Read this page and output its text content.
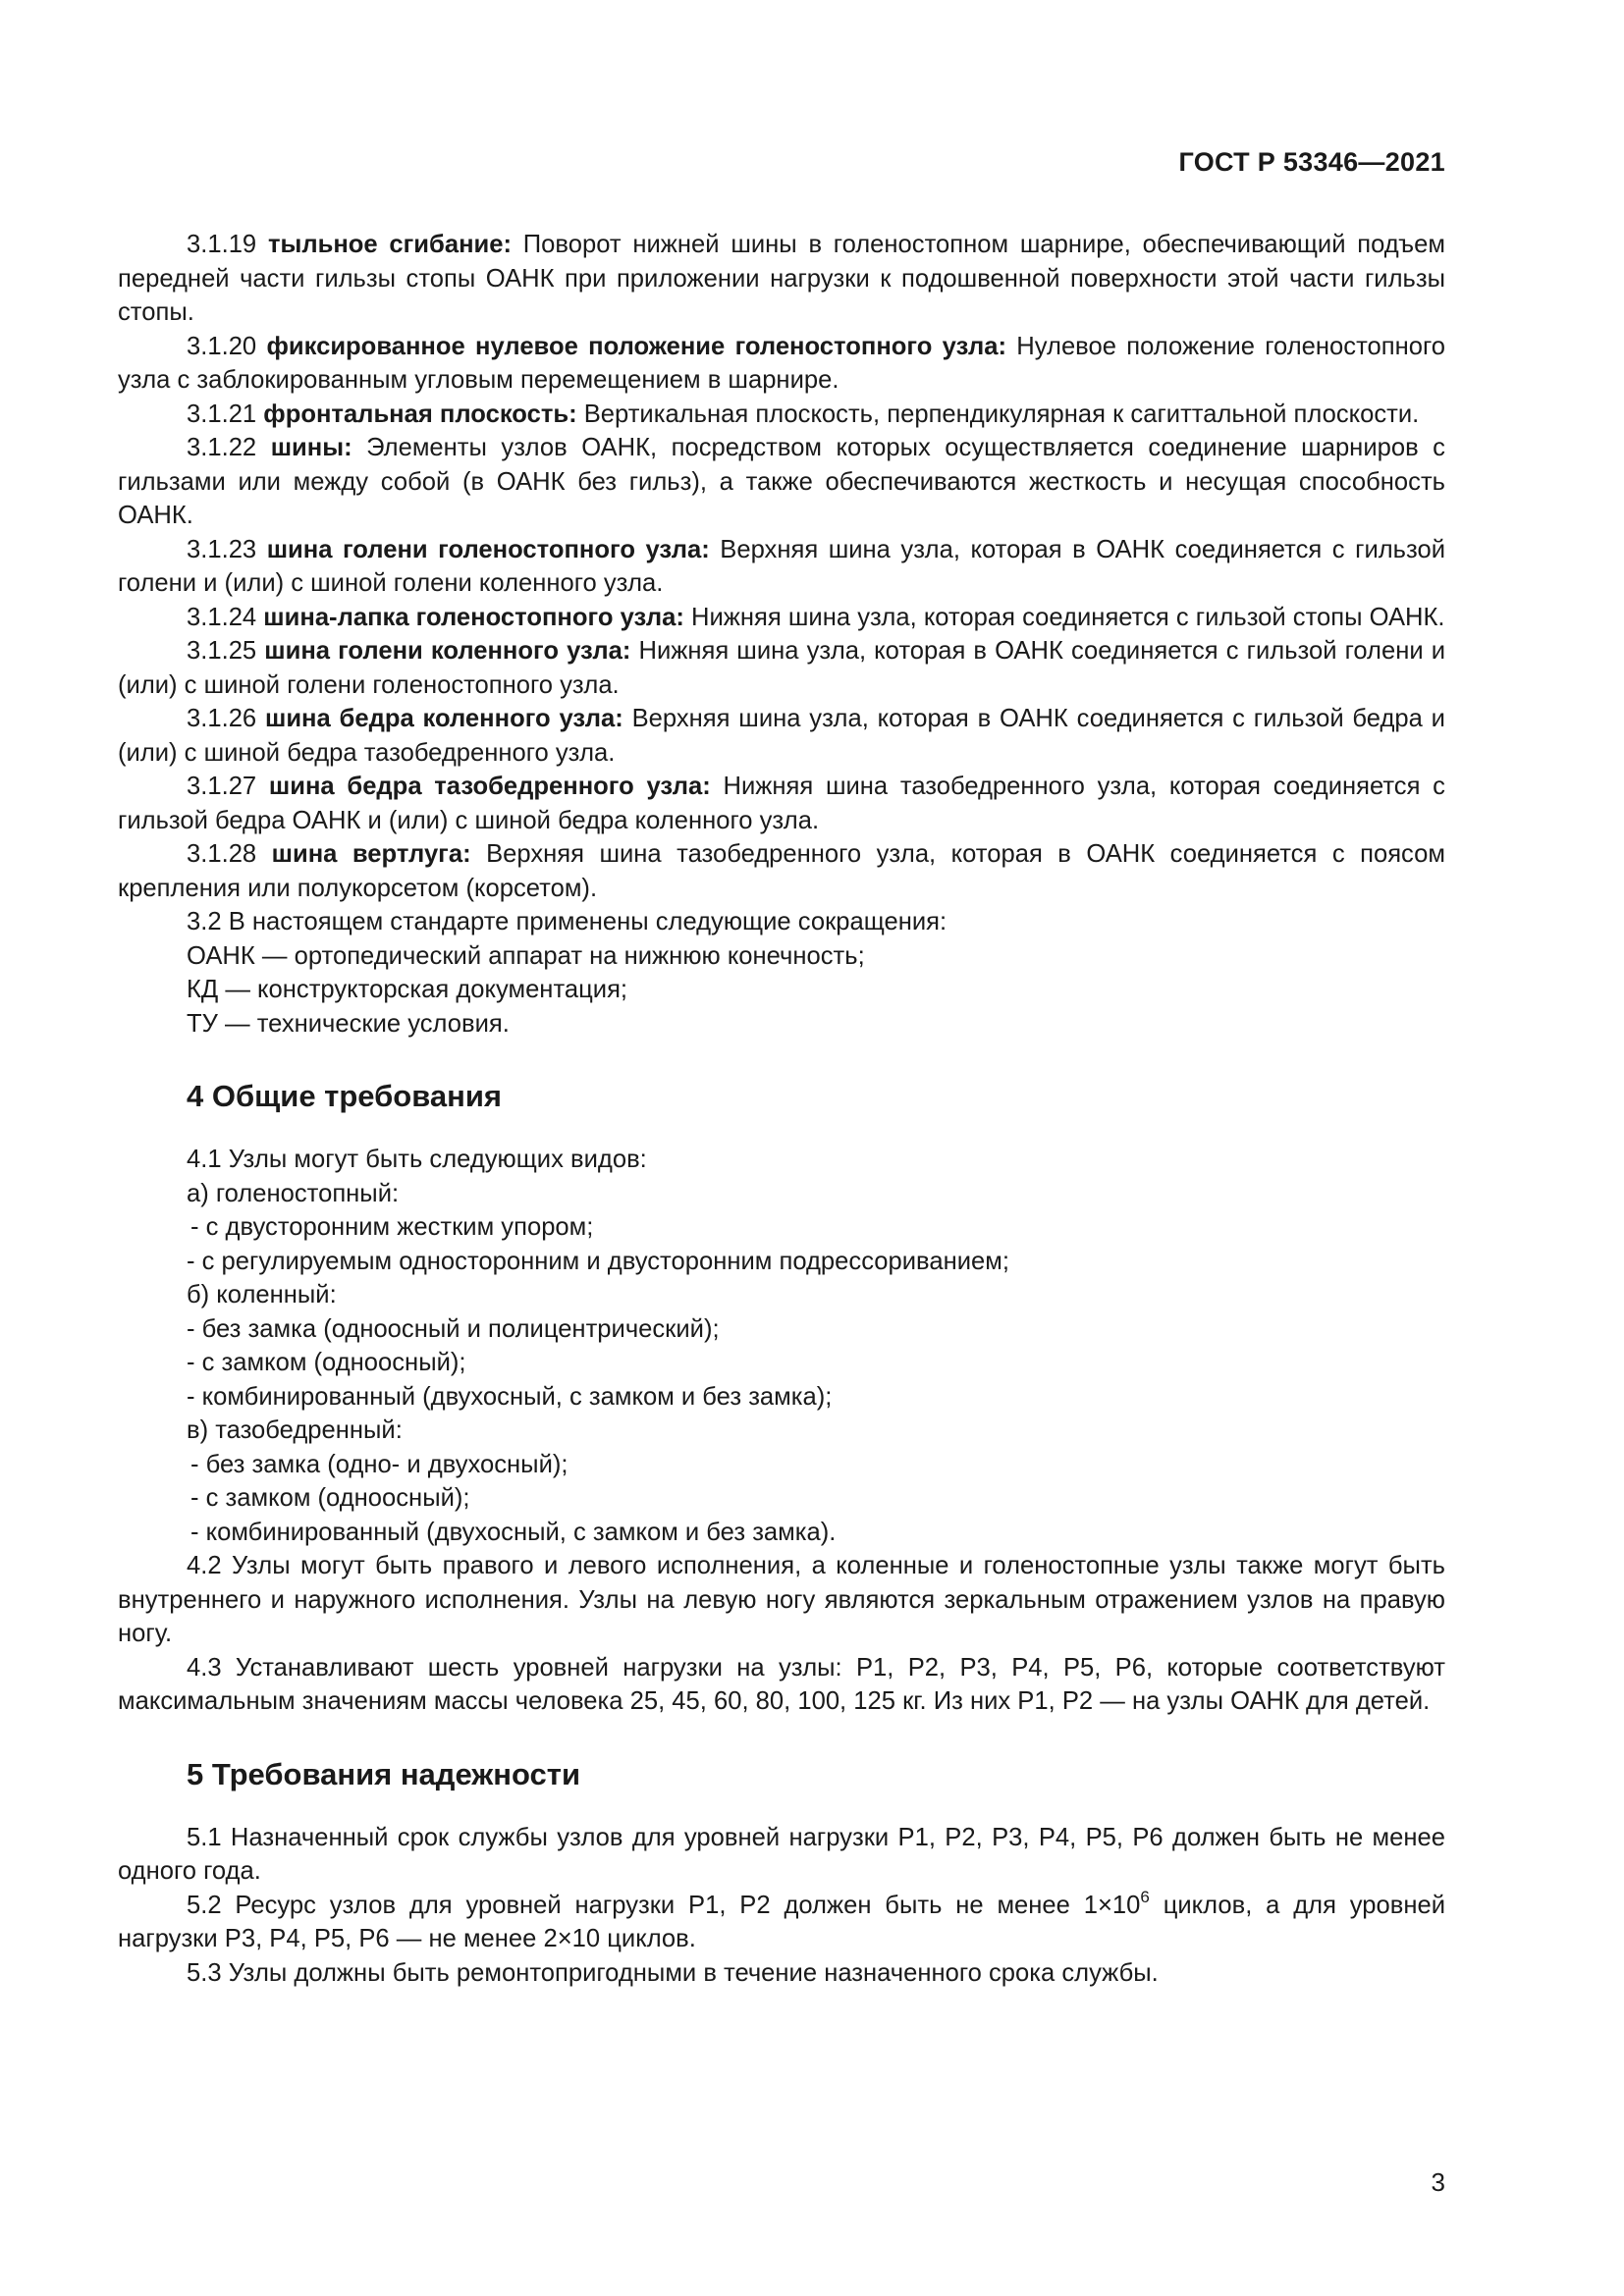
ГОСТ Р 53346—2021

3.1.19 тыльное сгибание: Поворот нижней шины в голеностопном шарнире, обеспечивающий подъем передней части гильзы стопы ОАНК при приложении нагрузки к подошвенной поверхности этой части гильзы стопы.

3.1.20 фиксированное нулевое положение голеностопного узла: Нулевое положение голеностопного узла с заблокированным угловым перемещением в шарнире.

3.1.21 фронтальная плоскость: Вертикальная плоскость, перпендикулярная к сагиттальной плоскости.

3.1.22 шины: Элементы узлов ОАНК, посредством которых осуществляется соединение шарниров с гильзами или между собой (в ОАНК без гильз), а также обеспечиваются жесткость и несущая способность ОАНК.

3.1.23 шина голени голеностопного узла: Верхняя шина узла, которая в ОАНК соединяется с гильзой голени и (или) с шиной голени коленного узла.

3.1.24 шина-лапка голеностопного узла: Нижняя шина узла, которая соединяется с гильзой стопы ОАНК.

3.1.25 шина голени коленного узла: Нижняя шина узла, которая в ОАНК соединяется с гильзой голени и (или) с шиной голени голеностопного узла.

3.1.26 шина бедра коленного узла: Верхняя шина узла, которая в ОАНК соединяется с гильзой бедра и (или) с шиной бедра тазобедренного узла.

3.1.27 шина бедра тазобедренного узла: Нижняя шина тазобедренного узла, которая соединяется с гильзой бедра ОАНК и (или) с шиной бедра коленного узла.

3.1.28 шина вертлуга: Верхняя шина тазобедренного узла, которая в ОАНК соединяется с поясом крепления или полукорсетом (корсетом).

3.2 В настоящем стандарте применены следующие сокращения:

ОАНК — ортопедический аппарат на нижнюю конечность;

КД — конструкторская документация;

ТУ — технические условия.

4 Общие требования

4.1 Узлы могут быть следующих видов:

а) голеностопный:

- с двусторонним жестким упором;

- с регулируемым односторонним и двусторонним подрессориванием;

б) коленный:

- без замка (одноосный и полицентрический);

- с замком (одноосный);

- комбинированный (двухосный, с замком и без замка);

в) тазобедренный:

- без замка (одно- и двухосный);

- с замком (одноосный);

- комбинированный (двухосный, с замком и без замка).

4.2 Узлы могут быть правого и левого исполнения, а коленные и голеностопные узлы также могут быть внутреннего и наружного исполнения. Узлы на левую ногу являются зеркальным отражением узлов на правую ногу.

4.3 Устанавливают шесть уровней нагрузки на узлы: Р1, Р2, Р3, Р4, Р5, Р6, которые соответствуют максимальным значениям массы человека 25, 45, 60, 80, 100, 125 кг. Из них Р1, Р2 — на узлы ОАНК для детей.

5 Требования надежности

5.1 Назначенный срок службы узлов для уровней нагрузки Р1, Р2, Р3, Р4, Р5, Р6 должен быть не менее одного года.

5.2 Ресурс узлов для уровней нагрузки Р1, Р2 должен быть не менее $1\times 10^6$ циклов, а для уровней нагрузки Р3, Р4, Р5, Р6 — не менее 2×10 циклов.

5.3 Узлы должны быть ремонтопригодными в течение назначенного срока службы.

3
